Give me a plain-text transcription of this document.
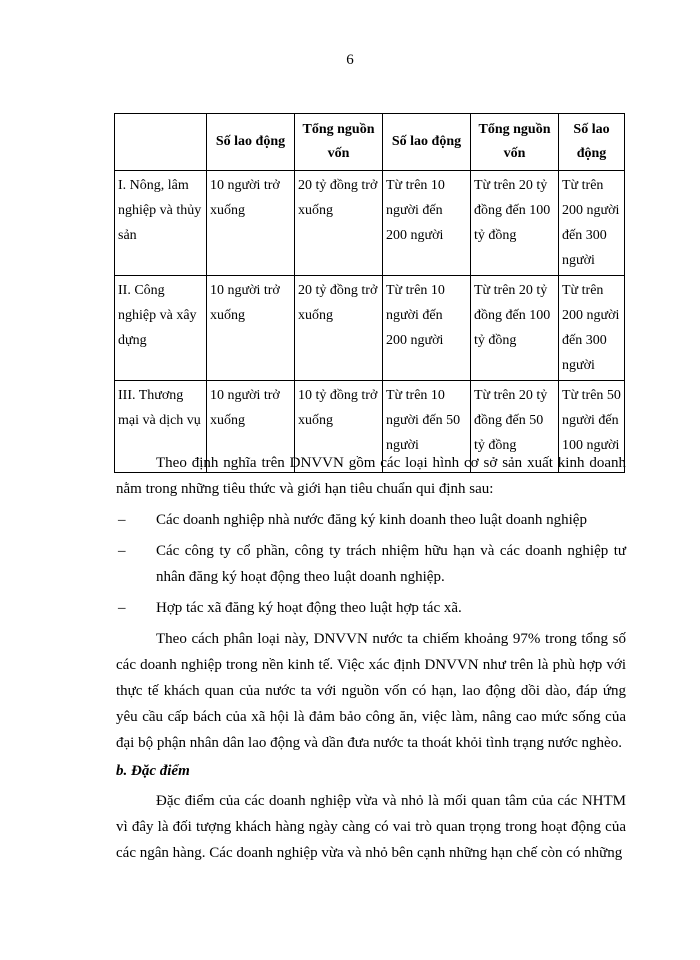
6
	Số lao động	Tổng nguồn vốn	Số lao động	Tổng nguồn vốn	Số lao động
I. Nông, lâm nghiệp và thủy sản	10 người trở xuống	20 tỷ đồng trở xuống	Từ trên 10 người đến 200 người	Từ trên 20 tỷ đồng đến 100 tỷ đồng	Từ trên 200 người đến 300 người
II. Công nghiệp và xây dựng	10 người trở xuống	20 tỷ đồng trở xuống	Từ trên 10 người đến 200 người	Từ trên 20 tỷ đồng đến 100 tỷ đồng	Từ trên 200 người đến 300 người
III. Thương mại và dịch vụ	10 người trở xuống	10 tỷ đồng trở xuống	Từ trên 10 người đến 50 người	Từ trên 20 tỷ đồng đến 50 tỷ đồng	Từ trên 50 người đến 100 người

Theo định nghĩa trên DNVVN gồm các loại hình cơ sở sản xuất kinh doanh nằm trong những tiêu thức và giới hạn tiêu chuẩn qui định sau:

–	Các doanh nghiệp nhà nước đăng ký kinh doanh theo luật doanh nghiệp

–	Các công ty cổ phần, công ty trách nhiệm hữu hạn và các doanh nghiệp tư nhân đăng ký hoạt động theo luật doanh nghiệp.

–	Hợp tác xã đăng ký hoạt động theo luật hợp tác xã.

Theo cách phân loại này, DNVVN nước ta chiếm khoảng 97% trong tổng số các doanh nghiệp trong nền kinh tế. Việc xác định DNVVN như trên là phù hợp với thực tế khách quan của nước ta với nguồn vốn có hạn, lao động dồi dào, đáp ứng yêu cầu cấp bách của xã hội là đảm bảo công ăn, việc làm, nâng cao mức sống của đại bộ phận nhân dân lao động và dần đưa nước ta thoát khỏi tình trạng nước nghèo.

b. Đặc điểm

Đặc điểm của các doanh nghiệp vừa và nhỏ là mối quan tâm của các NHTM vì đây là đối tượng khách hàng ngày càng có vai trò quan trọng trong hoạt động của các ngân hàng. Các doanh nghiệp vừa và nhỏ bên cạnh những hạn chế còn có những
